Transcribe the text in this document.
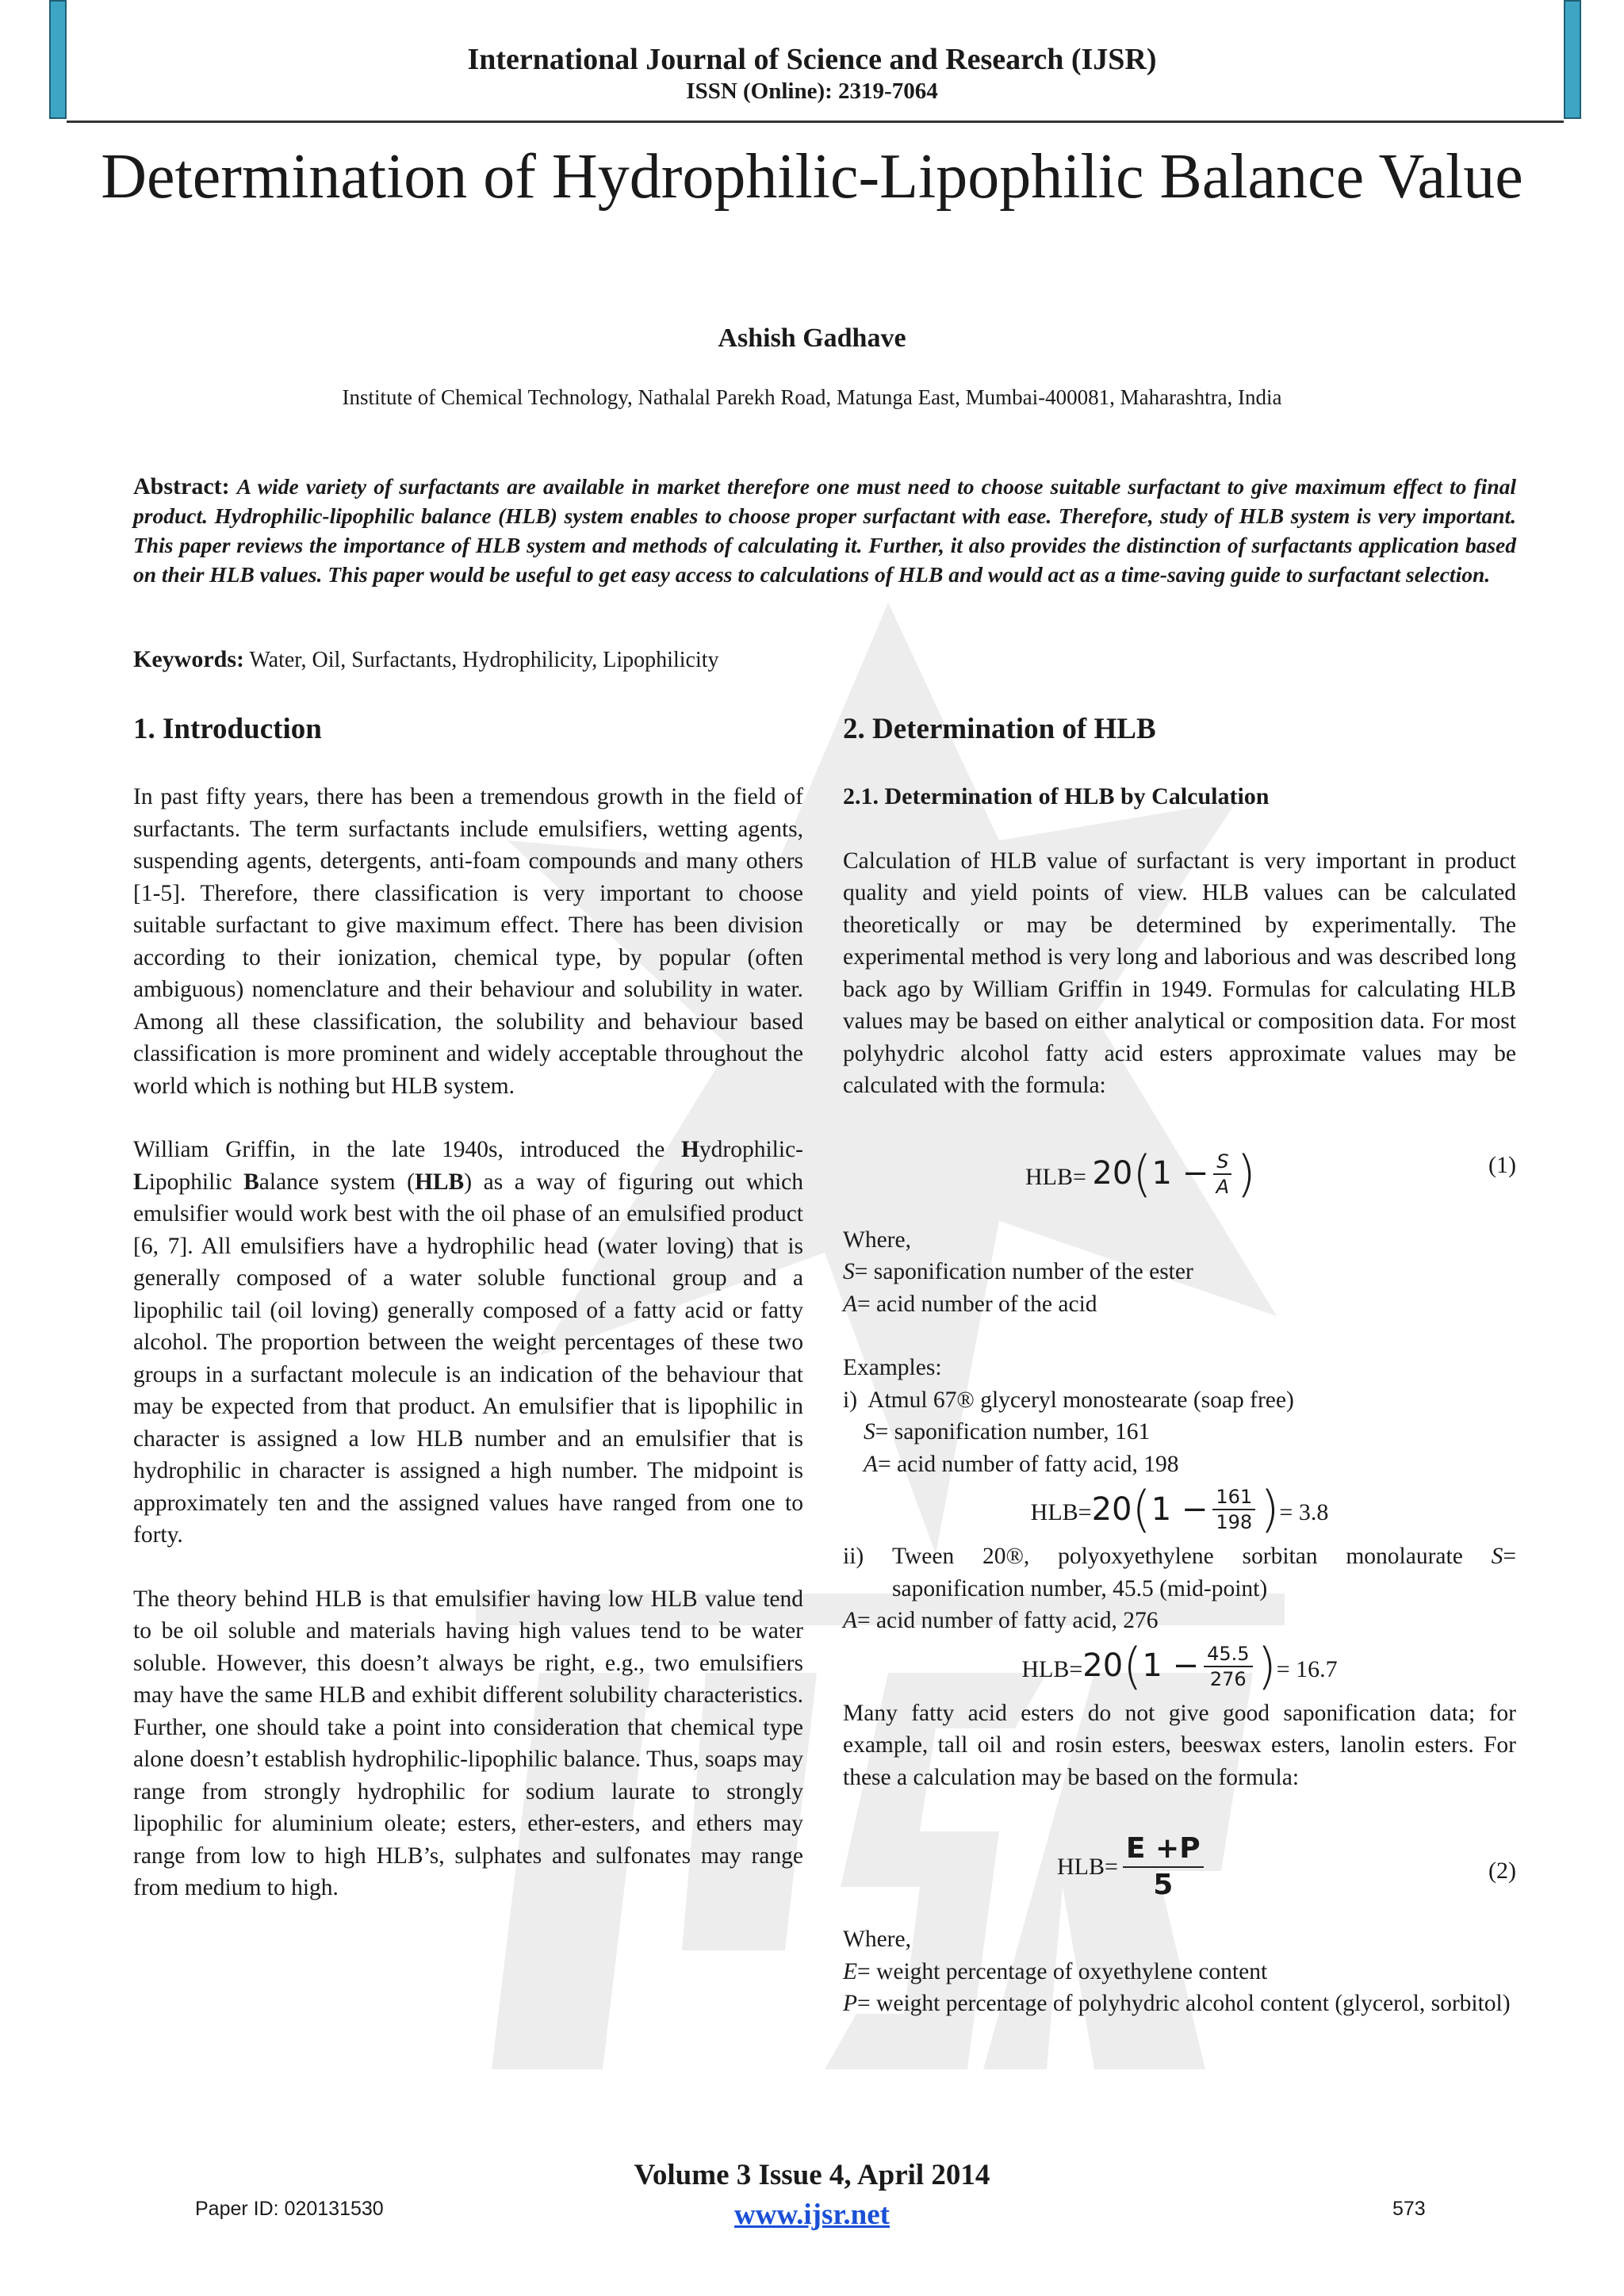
International Journal of Science and Research (IJSR)
ISSN (Online): 2319-7064
Determination of Hydrophilic-Lipophilic Balance Value
Ashish Gadhave
Institute of Chemical Technology, Nathalal Parekh Road, Matunga East, Mumbai-400081, Maharashtra, India
Abstract: A wide variety of surfactants are available in market therefore one must need to choose suitable surfactant to give maximum effect to final product. Hydrophilic-lipophilic balance (HLB) system enables to choose proper surfactant with ease. Therefore, study of HLB system is very important. This paper reviews the importance of HLB system and methods of calculating it. Further, it also provides the distinction of surfactants application based on their HLB values. This paper would be useful to get easy access to calculations of HLB and would act as a time-saving guide to surfactant selection.
Keywords: Water, Oil, Surfactants, Hydrophilicity, Lipophilicity
1. Introduction

In past fifty years, there has been a tremendous growth in the field of surfactants. The term surfactants include emulsifiers, wetting agents, suspending agents, detergents, anti-foam compounds and many others [1-5]. Therefore, there classification is very important to choose suitable surfactant to give maximum effect. There has been division according to their ionization, chemical type, by popular (often ambiguous) nomenclature and their behaviour and solubility in water. Among all these classification, the solubility and behaviour based classification is more prominent and widely acceptable throughout the world which is nothing but HLB system.

William Griffin, in the late 1940s, introduced the Hydrophilic-Lipophilic Balance system (HLB) as a way of figuring out which emulsifier would work best with the oil phase of an emulsified product [6, 7]. All emulsifiers have a hydrophilic head (water loving) that is generally composed of a water soluble functional group and a lipophilic tail (oil loving) generally composed of a fatty acid or fatty alcohol. The proportion between the weight percentages of these two groups in a surfactant molecule is an indication of the behaviour that may be expected from that product. An emulsifier that is lipophilic in character is assigned a low HLB number and an emulsifier that is hydrophilic in character is assigned a high number. The midpoint is approximately ten and the assigned values have ranged from one to forty.

The theory behind HLB is that emulsifier having low HLB value tend to be oil soluble and materials having high values tend to be water soluble. However, this doesn’t always be right, e.g., two emulsifiers may have the same HLB and exhibit different solubility characteristics. Further, one should take a point into consideration that chemical type alone doesn’t establish hydrophilic-lipophilic balance. Thus, soaps may range from strongly hydrophilic for sodium laurate to strongly lipophilic for aluminium oleate; esters, ether-esters, and ethers may range from low to high HLB’s, sulphates and sulfonates may range from medium to high.

2. Determination of HLB
2.1. Determination of HLB by Calculation

Calculation of HLB value of surfactant is very important in product quality and yield points of view. HLB values can be calculated theoretically or may be determined by experimentally. The experimental method is very long and laborious and was described long back ago by William Griffin in 1949. Formulas for calculating HLB values may be based on either analytical or composition data. For most polyhydric alcohol fatty acid esters approximate values may be calculated with the formula:

HLB= 20 ( 1
− $\frac{S}{A}$ )	(1)

Where,

S= saponification number of the ester

A= acid number of the acid

Examples:

i) Atmul 67® glyceryl monostearate (soap free)

S= saponification number, 161

A= acid number of fatty acid, 198

HLB= 20 ( 1
− $\frac{161}{198}$ ) = 3.8
ii)	Tween 20®, polyoxyethylene sorbitan monolaurate S= saponification number, 45.5 (mid-point)

A= acid number of fatty acid, 276

HLB= 20 ( 1
− $\frac{45.5}{276}$ ) = 16.7

Many fatty acid esters do not give good saponification data; for example, tall oil and rosin esters, beeswax esters, lanolin esters. For these a calculation may be based on the formula:

$HLB= \frac{E +P}{5}$	(2)

Where,

E= weight percentage of oxyethylene content

P= weight percentage of polyhydric alcohol content (glycerol, sorbitol)

Volume 3 Issue 4, April 2014
www.ijsr.net
Paper ID: 020131530	573
